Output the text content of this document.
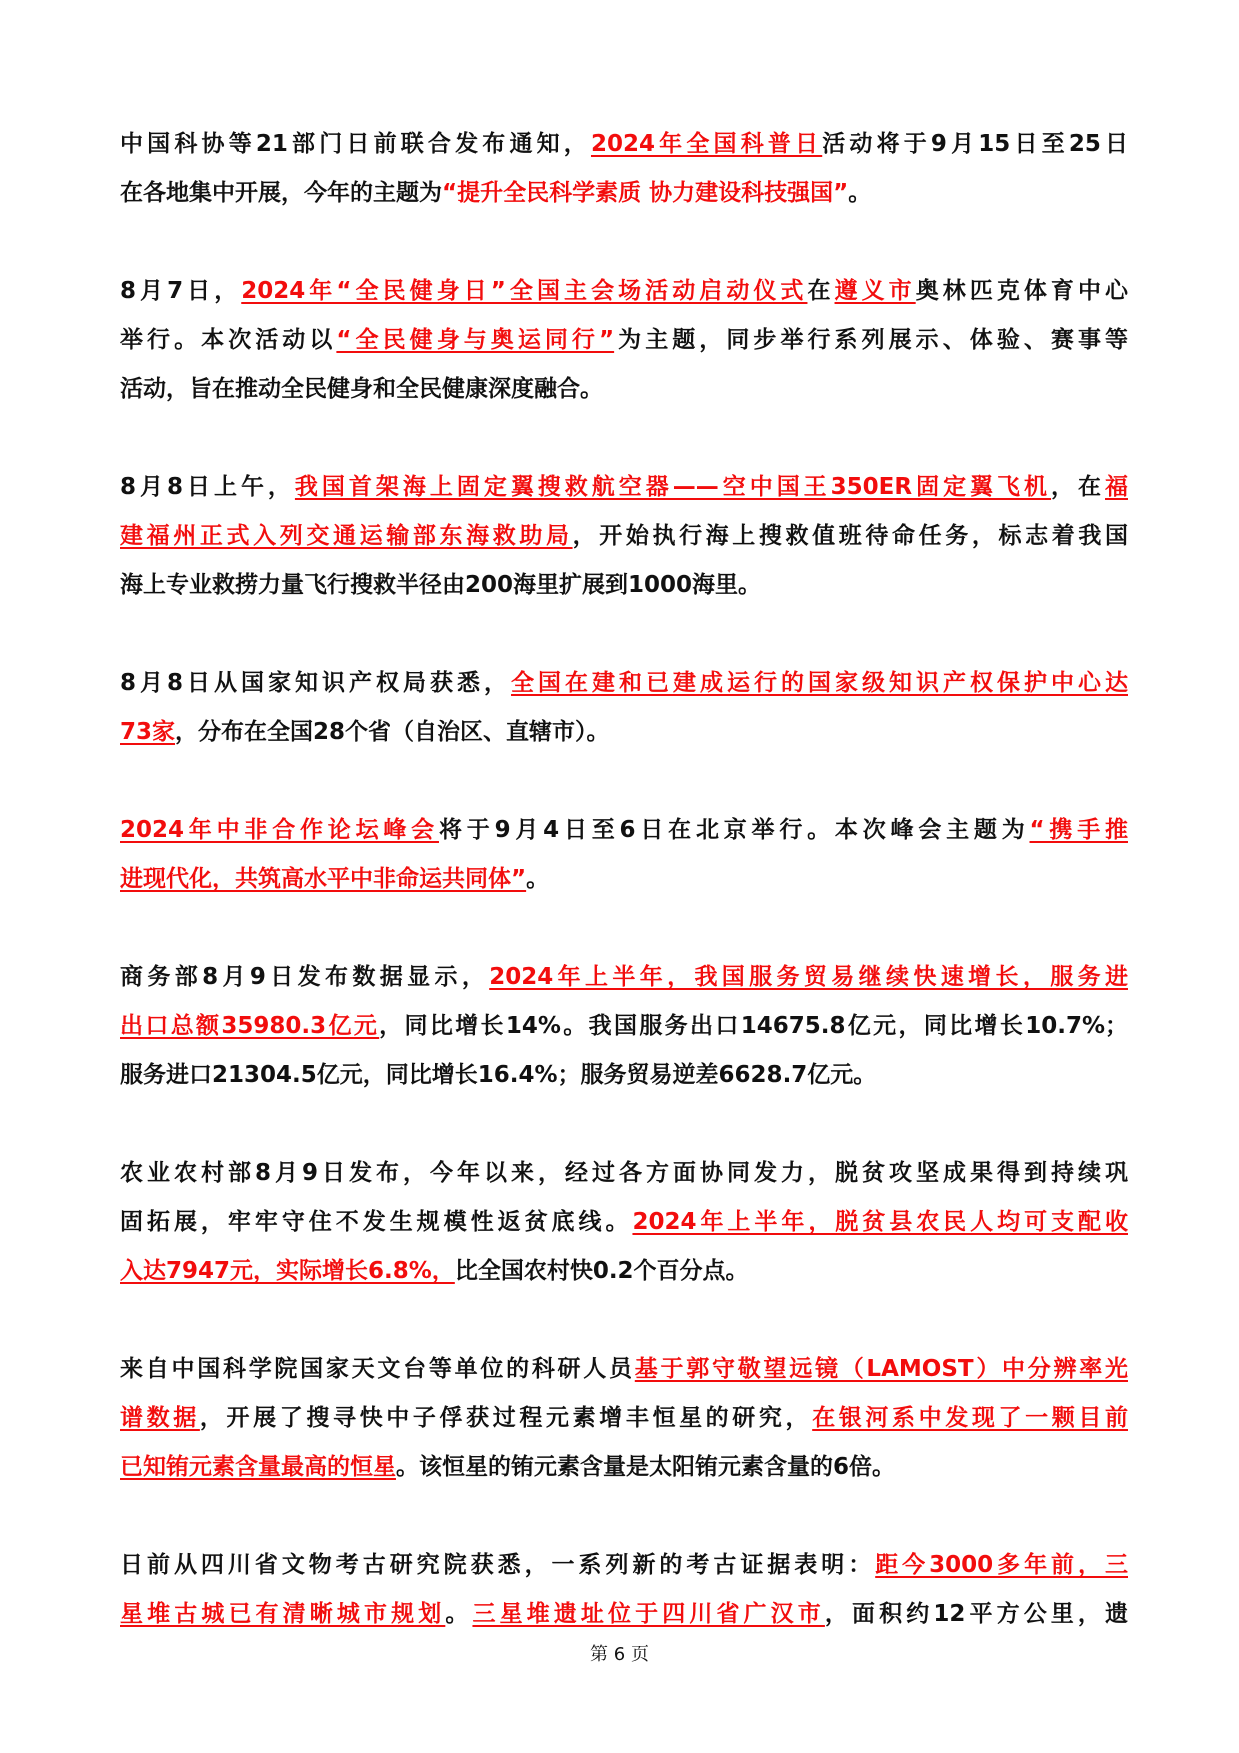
中国科协等21部门日前联合发布通知，2024年全国科普日活动将于9月15日至25日
在各地集中开展，今年的主题为“提升全民科学素质 协力建设科技强国”。
8月7日，2024年“全民健身日”全国主会场活动启动仪式在遵义市奥林匹克体育中心
举行。本次活动以“全民健身与奥运同行”为主题，同步举行系列展示、体验、赛事等
活动，旨在推动全民健身和全民健康深度融合。
8月8日上午，我国首架海上固定翼搜救航空器——空中国王350ER固定翼飞机，在福
建福州正式入列交通运输部东海救助局，开始执行海上搜救值班待命任务，标志着我国
海上专业救捞力量飞行搜救半径由200海里扩展到1000海里。
8月8日从国家知识产权局获悉，全国在建和已建成运行的国家级知识产权保护中心达
73家，分布在全国28个省（自治区、直辖市）。
2024年中非合作论坛峰会将于9月4日至6日在北京举行。本次峰会主题为“携手推
进现代化，共筑高水平中非命运共同体”。
商务部8月9日发布数据显示，2024年上半年，我国服务贸易继续快速增长，服务进
出口总额35980.3亿元，同比增长14%。我国服务出口14675.8亿元，同比增长10.7%；
服务进口21304.5亿元，同比增长16.4%；服务贸易逆差6628.7亿元。
农业农村部8月9日发布，今年以来，经过各方面协同发力，脱贫攻坚成果得到持续巩
固拓展，牢牢守住不发生规模性返贫底线。2024年上半年，脱贫县农民人均可支配收
入达7947元，实际增长6.8%，比全国农村快0.2个百分点。
来自中国科学院国家天文台等单位的科研人员基于郭守敬望远镜（LAMOST）中分辨率光
谱数据，开展了搜寻快中子俘获过程元素增丰恒星的研究，在银河系中发现了一颗目前
已知铕元素含量最高的恒星。该恒星的铕元素含量是太阳铕元素含量的6倍。
日前从四川省文物考古研究院获悉，一系列新的考古证据表明：距今3000多年前，三
星堆古城已有清晰城市规划。三星堆遗址位于四川省广汉市，面积约12平方公里，遗
第 6 页
